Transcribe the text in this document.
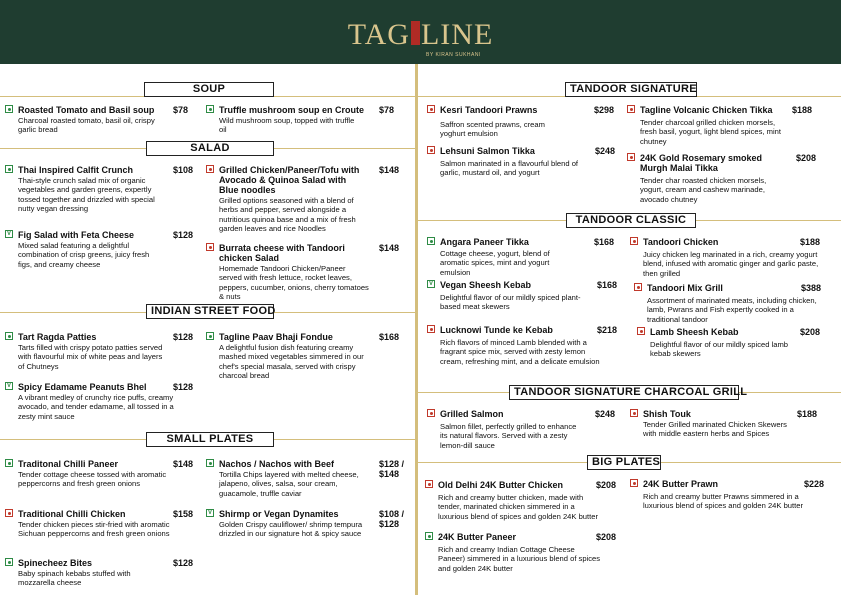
TAG LINE
BY KIRAN SUKHANI
SOUP
SALAD
INDIAN STREET FOOD
SMALL PLATES
TANDOOR SIGNATURE
TANDOOR CLASSIC
TANDOOR SIGNATURE CHARCOAL GRILL
BIG PLATES
Roasted Tomato and Basil soup	$78
Charcoal roasted tomato, basil oil, crispy garlic bread
Truffle mushroom soup en Croute	$78
Wild mushroom soup, topped with truffle oil
Thai Inspired Calfit Crunch	$108
Thai-style crunch salad mix of organic vegetables and garden greens, expertly tossed together and drizzled with special nutty vegan dressing
Grilled Chicken/Paneer/Tofu with Avocado & Quinoa Salad with Blue noodles
$148
Grilled options seasoned with a blend of herbs and pepper, served alongside a nutritious quinoa base and a mix of fresh garden leaves and rice Noodles
V Fig Salad with Feta Cheese	$128
Mixed salad featuring a delightful combination of crisp greens, juicy fresh figs, and creamy cheese
Burrata cheese with Tandoori chicken Salad
$148
Homemade Tandoori Chicken/Paneer served with fresh lettuce, rocket leaves, peppers, cucumber, onions, cherry tomatoes & nuts
Tart Ragda Patties	$128
Tarts filled with crispy potato patties served with flavourful mix of white peas and layers of Chutneys
Tagline Paav Bhaji Fondue	$168
A delightful fusion dish featuring creamy mashed mixed vegetables simmered in our chef's special masala, served with crispy charcoal bread
V Spicy Edamame Peanuts Bhel	$128
A vibrant medley of crunchy rice puffs, creamy avocado, and tender edamame, all tossed in a zesty mint sauce
Traditonal Chilli Paneer	$148
Tender cottage cheese tossed with aromatic peppercorns and fresh green onions
Nachos / Nachos with Beef	$128 / $148
Tortilla Chips layered with melted cheese, jalapeno, olives, salsa, sour cream, guacamole, truffle caviar
Traditional Chilli Chicken	$158
Tender chicken pieces stir-fried with aromatic Sichuan peppercorns and fresh green onions
V Shirmp or Vegan Dynamites	$108 / $128
Golden Crispy cauliflower/ shrimp tempura drizzled in our signature hot & spicy sauce
Spinecheez Bites	$128
Baby spinach kebabs stuffed with mozzarella cheese
Kesri Tandoori Prawns	$298
Saffron scented prawns, cream yoghurt emulsion
Tagline Volcanic Chicken Tikka	$188
Tender charcoal grilled chicken morsels, fresh basil, yogurt, light blend spices, mint chutney
Lehsuni Salmon Tikka	$248
Salmon marinated in a flavourful blend of garlic, mustard oil, and yogurt
24K Gold Rosemary smoked Murgh Malai Tikka
$208
Tender char roasted chicken morsels, yogurt, cream and cashew marinade, avocado chutney
Angara Paneer Tikka	$168
Cottage cheese, yogurt, blend of aromatic spices, mint and yogurt emulsion
Tandoori Chicken	$188
Juicy chicken leg marinated in a rich, creamy yogurt blend, infused with aromatic ginger and garlic paste, then grilled
V Vegan Sheesh Kebab	$168
Delightful flavor of our mildly spiced plant-based meat skewers
Tandoori Mix Grill	$388
Assortment of marinated meats, including chicken, lamb, Pwrans and Fish expertly cooked in a traditional tandoor
Lucknowi Tunde ke Kebab	$218
Rich flavors of minced Lamb blended with a fragrant spice mix, served with zesty lemon cream, refreshing mint, and a delicate emulsion
Lamb Sheesh Kebab	$208
Delightful flavor of our mildly spiced lamb kebab skewers
Grilled Salmon	$248
Salmon fillet, perfectly grilled to enhance its natural flavors. Served with a zesty lemon-dill sauce
Shish Touk	$188
Tender Grilled marinated Chicken Skewers with middle eastern herbs and Spices
Old Delhi 24K Butter Chicken	$208
Rich and creamy butter chicken, made with tender, marinated chicken simmered in a luxurious blend of spices and golden 24K butter
24K Butter Prawn	$228
Rich and creamy butter Prawns simmered in a luxurious blend of spices and golden 24K butter
24K Butter Paneer	$208
Rich and creamy Indian Cottage Cheese Paneer) simmered in a luxurious blend of spices and golden 24K butter
